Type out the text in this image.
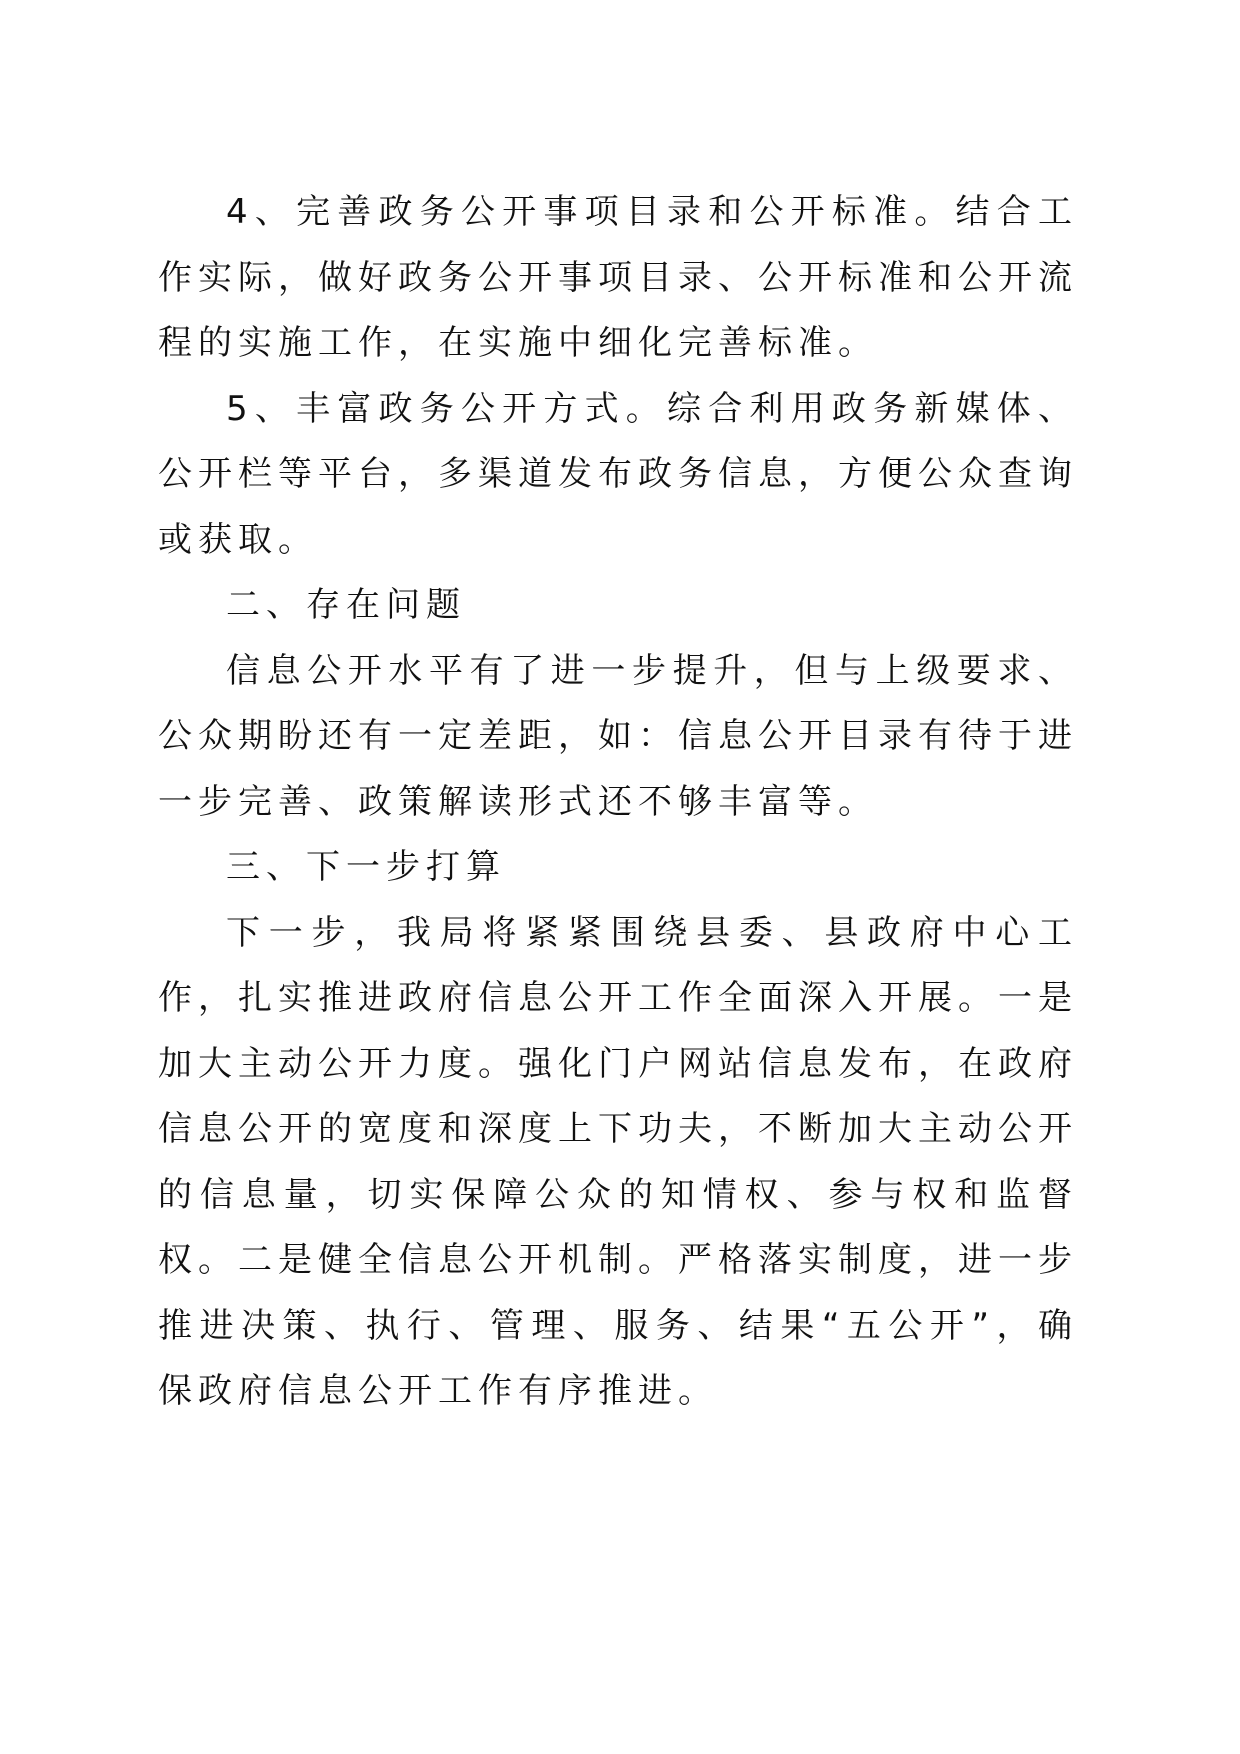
4、完善政务公开事项目录和公开标准。结合工作实际，做好政务公开事项目录、公开标准和公开流程的实施工作，在实施中细化完善标准。

5、丰富政务公开方式。综合利用政务新媒体、公开栏等平台，多渠道发布政务信息，方便公众查询或获取。

二、存在问题

信息公开水平有了进一步提升，但与上级要求、公众期盼还有一定差距，如：信息公开目录有待于进一步完善、政策解读形式还不够丰富等。

三、下一步打算

下一步，我局将紧紧围绕县委、县政府中心工作，扎实推进政府信息公开工作全面深入开展。一是加大主动公开力度。强化门户网站信息发布，在政府信息公开的宽度和深度上下功夫，不断加大主动公开的信息量，切实保障公众的知情权、参与权和监督权。二是健全信息公开机制。严格落实制度，进一步推进决策、执行、管理、服务、结果“五公开”，确保政府信息公开工作有序推进。
